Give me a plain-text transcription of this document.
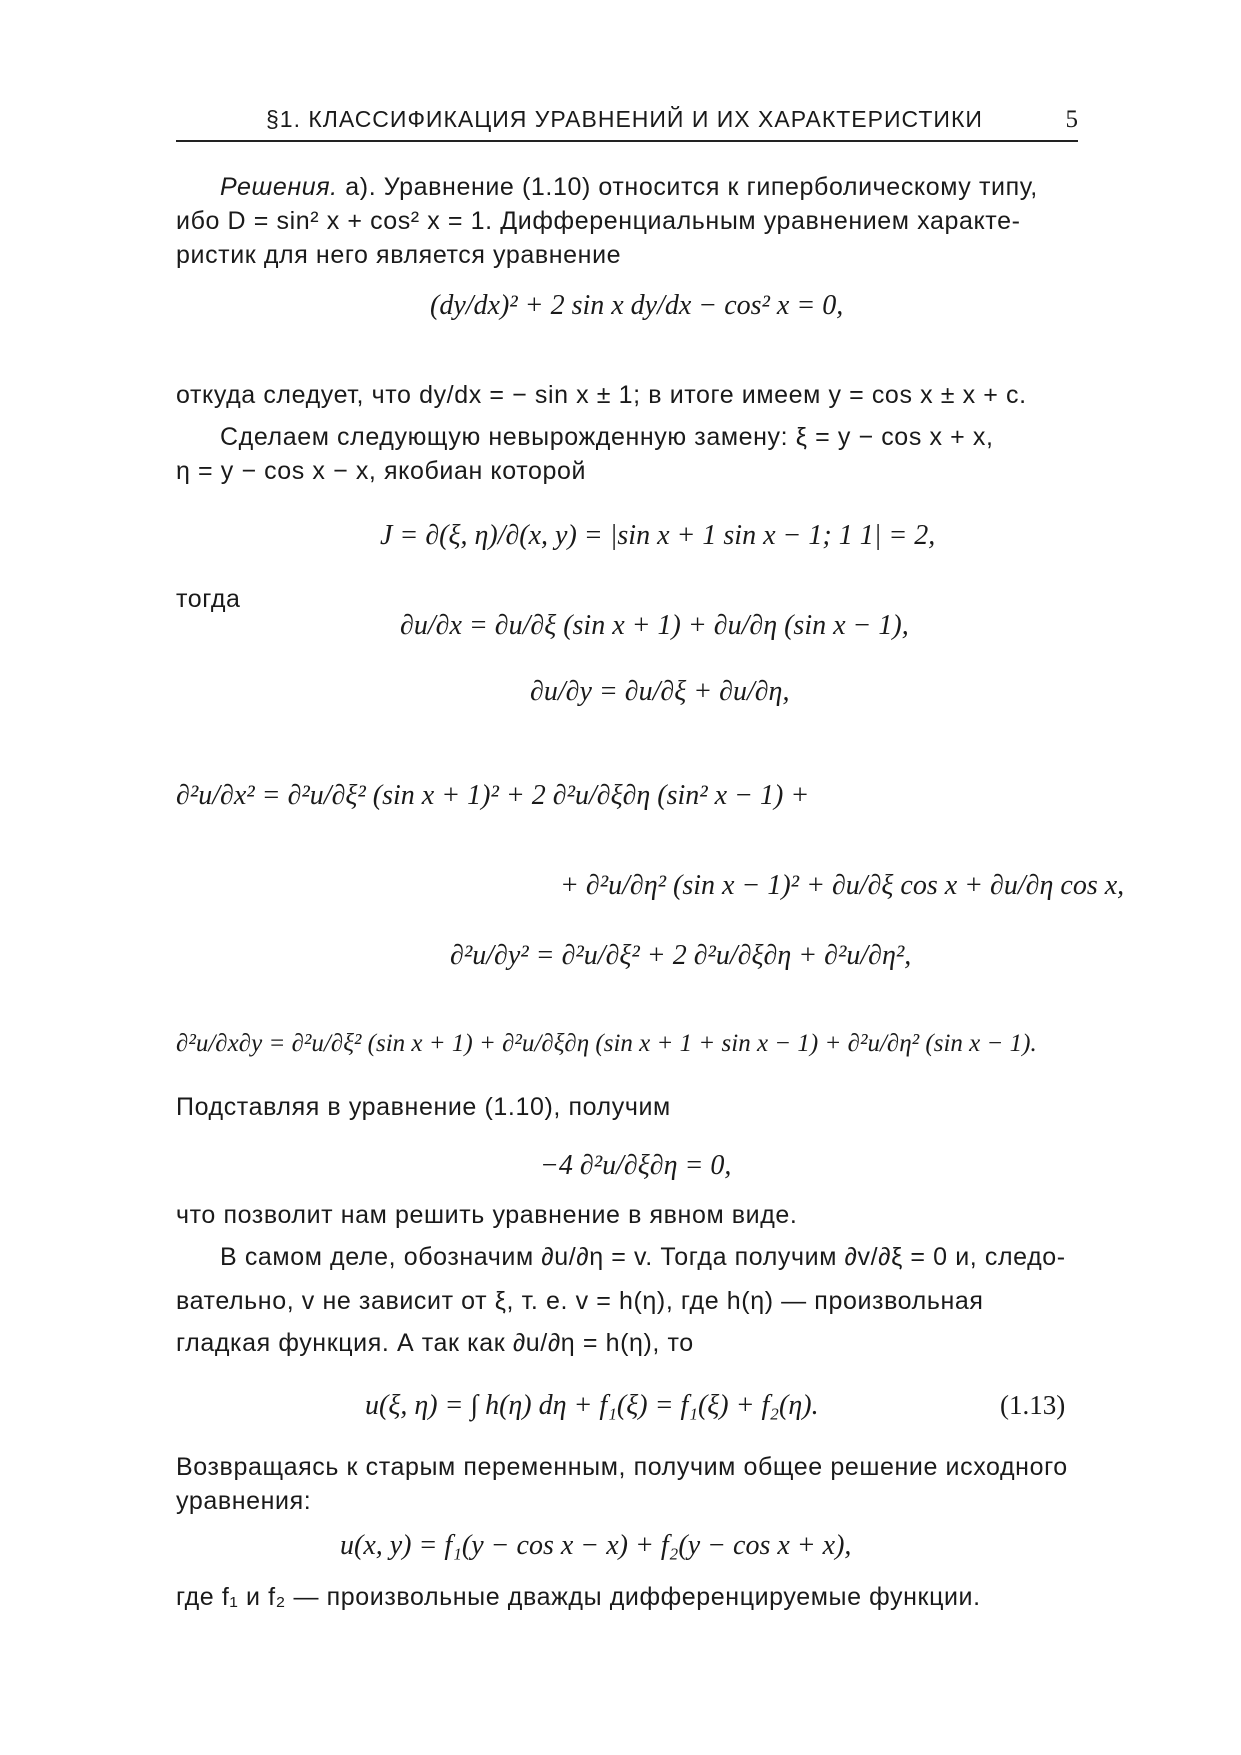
§1. КЛАССИФИКАЦИЯ УРАВНЕНИЙ И ИХ ХАРАКТЕРИСТИКИ	5
Решения. а). Уравнение (1.10) относится к гиперболическому типу,
ибо D = sin² x + cos² x = 1. Дифференциальным уравнением характе-
ристик для него является уравнение
(dy/dx)² + 2 sin x dy/dx − cos² x = 0,
откуда следует, что dy/dx = − sin x ± 1; в итоге имеем y = cos x ± x + c.
Сделаем следующую невырожденную замену: ξ = y − cos x + x,
η = y − cos x − x, якобиан которой
J = ∂(ξ, η)/∂(x, y) = |sin x + 1 sin x − 1; 1 1| = 2,
тогда
∂u/∂x = ∂u/∂ξ (sin x + 1) + ∂u/∂η (sin x − 1),
∂u/∂y = ∂u/∂ξ + ∂u/∂η,
∂²u/∂x² = ∂²u/∂ξ² (sin x + 1)² + 2 ∂²u/∂ξ∂η (sin² x − 1) +
+ ∂²u/∂η² (sin x − 1)² + ∂u/∂ξ cos x + ∂u/∂η cos x,
∂²u/∂y² = ∂²u/∂ξ² + 2 ∂²u/∂ξ∂η + ∂²u/∂η²,
∂²u/∂x∂y = ∂²u/∂ξ² (sin x + 1) + ∂²u/∂ξ∂η (sin x + 1 + sin x − 1) + ∂²u/∂η² (sin x − 1).
Подставляя в уравнение (1.10), получим
−4 ∂²u/∂ξ∂η = 0,
что позволит нам решить уравнение в явном виде.
В самом деле, обозначим ∂u/∂η = v. Тогда получим ∂v/∂ξ = 0 и, следо-
вательно, v не зависит от ξ, т. е. v = h(η), где h(η) — произвольная
гладкая функция. А так как ∂u/∂η = h(η), то
u(ξ, η) = ∫ h(η) dη + f₁(ξ) = f₁(ξ) + f₂(η).	(1.13)
Возвращаясь к старым переменным, получим общее решение исходного
уравнения:
u(x, y) = f₁(y − cos x − x) + f₂(y − cos x + x),
где f₁ и f₂ — произвольные дважды дифференцируемые функции.
